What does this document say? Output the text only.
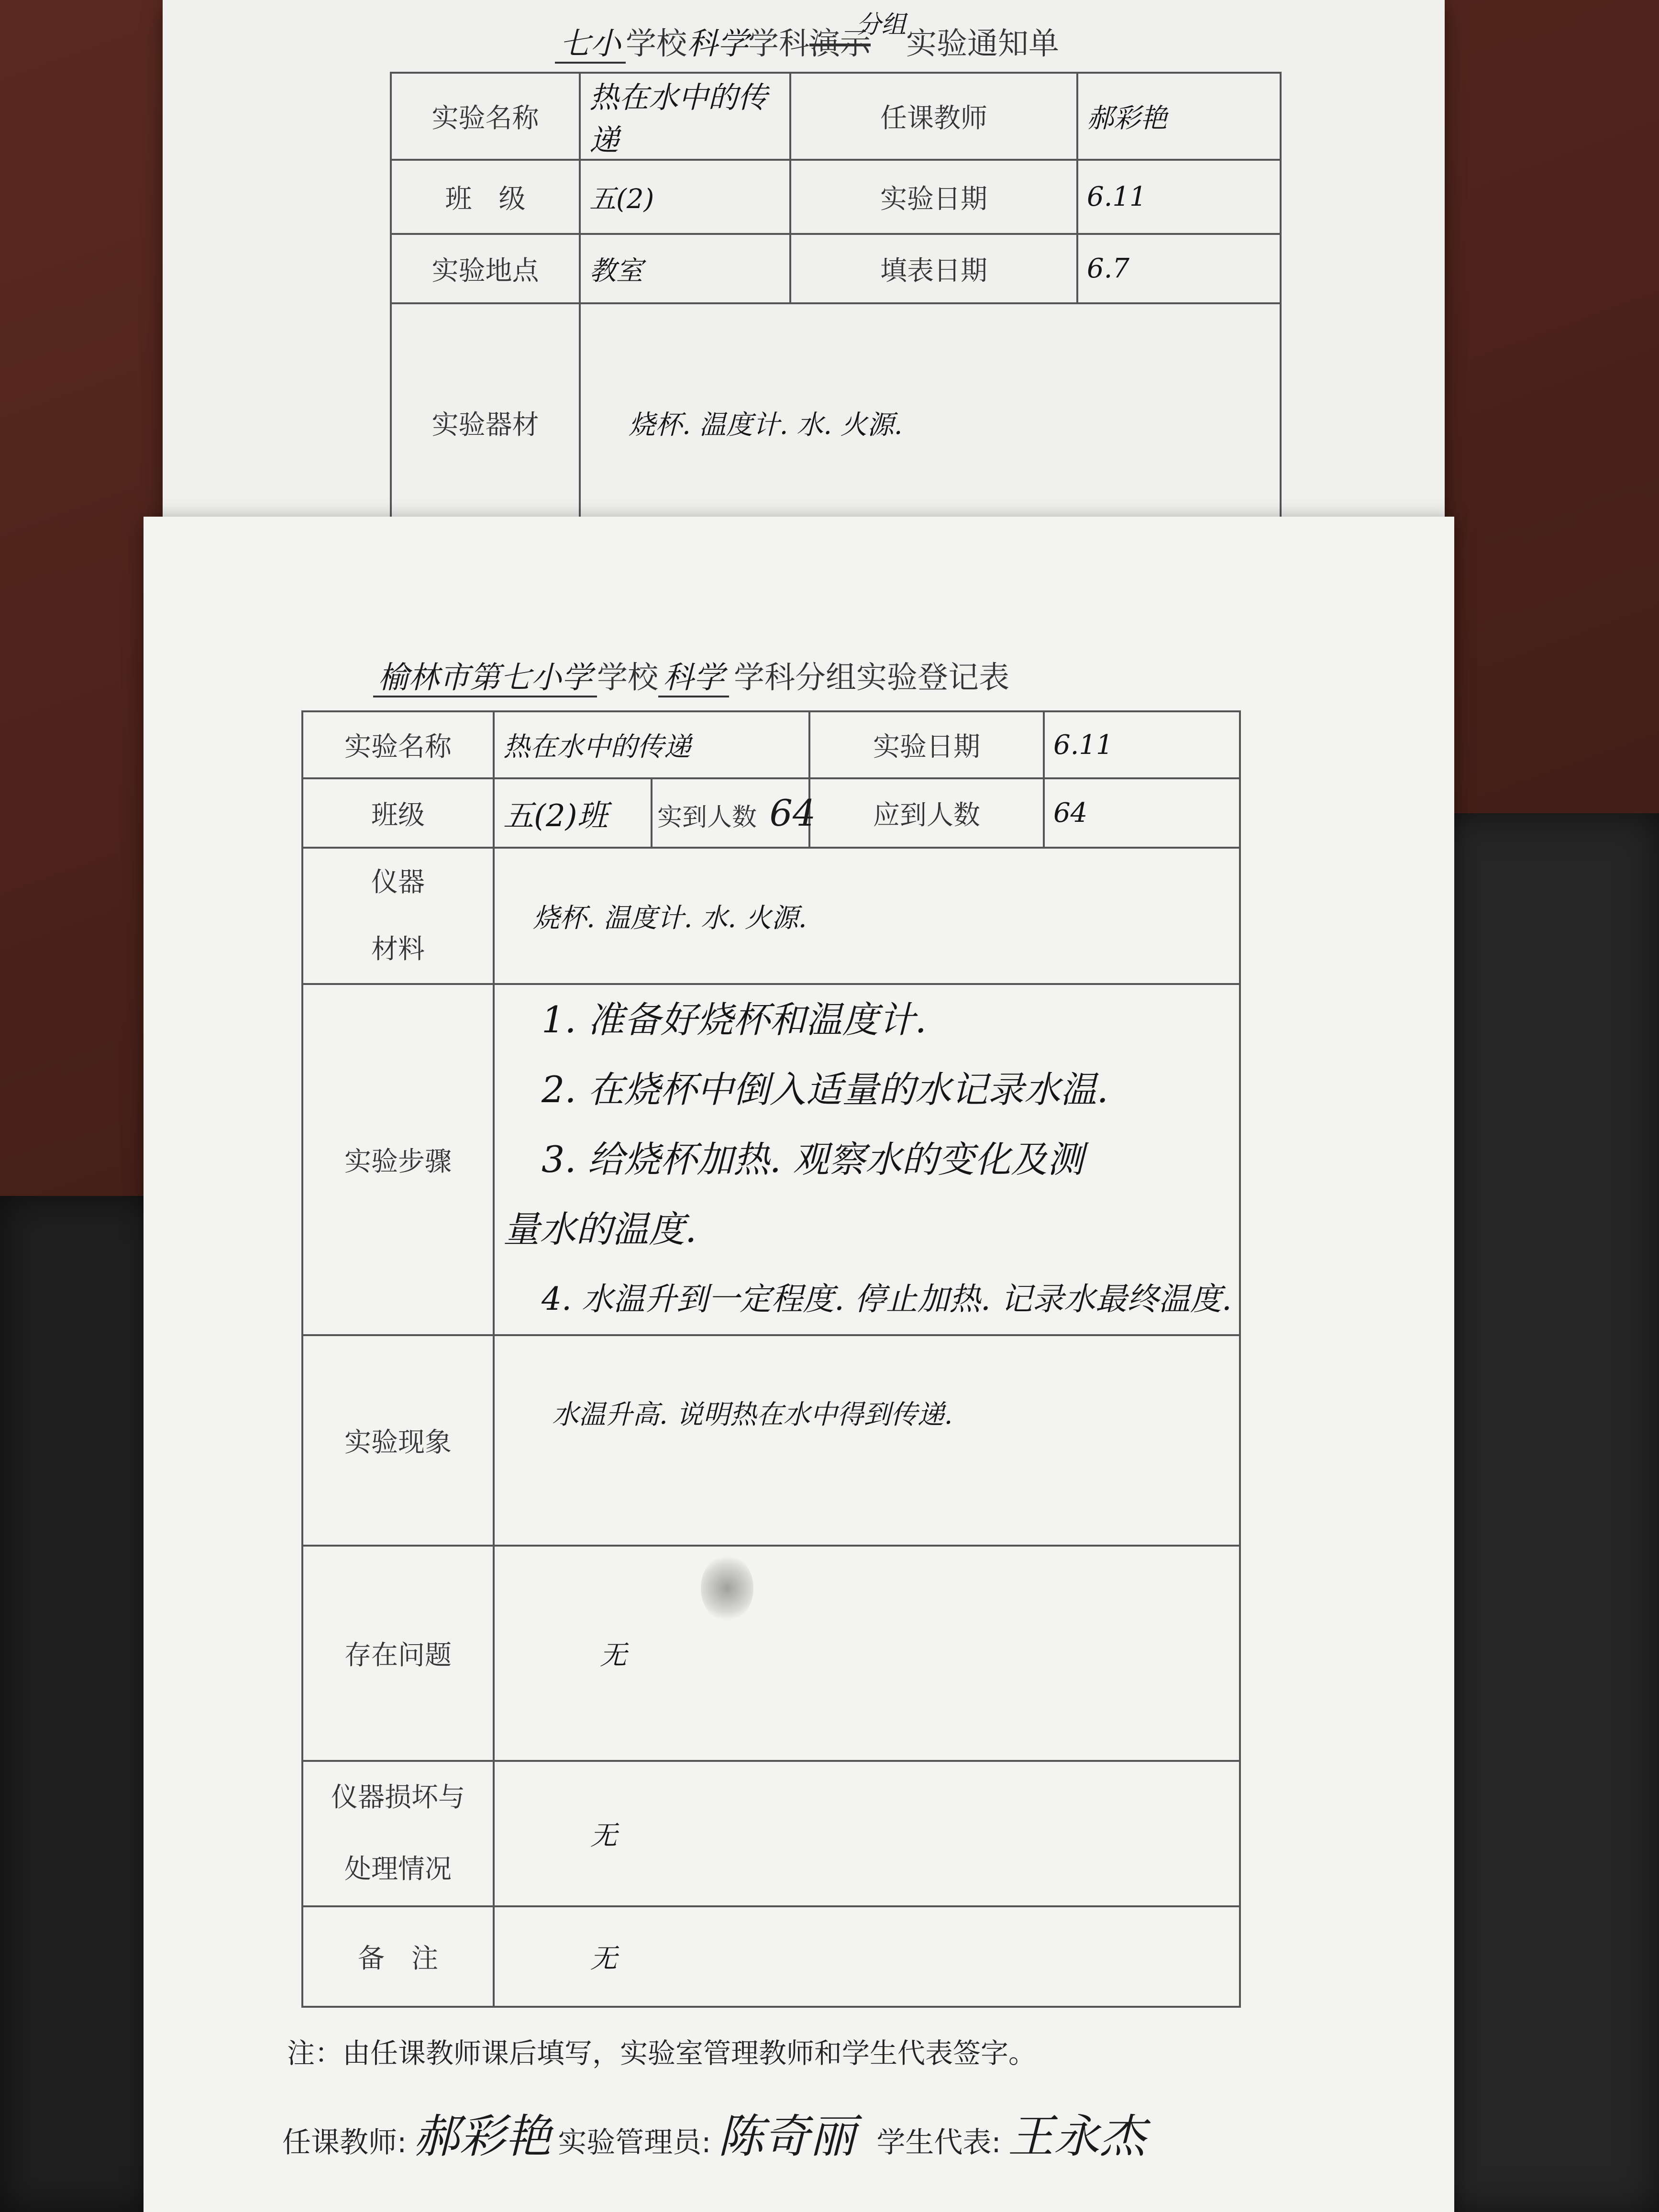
七小 学校科学学科演示$^{分组}$实验通知单
实验名称	热在水中的传递	任课教师	郝彩艳
班　级	五(2)	实验日期	6.11
实验地点	教室	填表日期	6.7
实验器材	烧杯. 温度计. 水. 火源.		
榆林市第七小学 学校 科学 学科分组实验登记表
实验名称	热在水中的传递		实验日期	6.11
班级	五(2)班	实到人数 64	应到人数	64

仪器
材料	烧杯. 温度计. 水. 火源.			
实验步骤	1. 准备好烧杯和温度计.
2. 在烧杯中倒入适量的水记录水温.
3. 给烧杯加热. 观察水的变化及测
量水的温度.
4. 水温升到一定程度. 停止加热. 记录水最终温度.			

实验现象	水温升高. 说明热在水中得到传递.			
存在问题	无			

仪器损坏与
处理情况	无			
备　注	无			
注：由任课教师课后填写，实验室管理教师和学生代表签字。
任课教师: 郝彩艳 实验管理员: 陈奇丽 学生代表: 王永杰
